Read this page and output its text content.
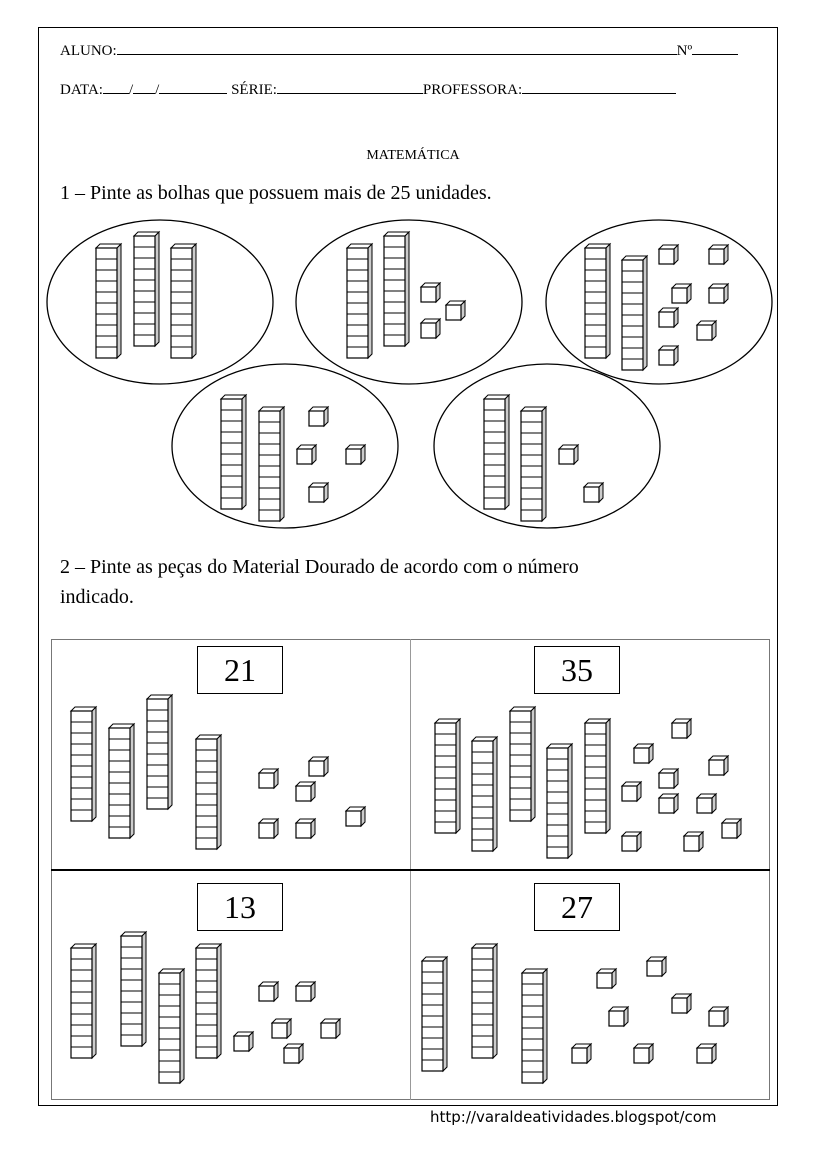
ALUNO:	Nº
DATA: / /	SÉRIE:	PROFESSORA:
MATEMÁTICA
1 – Pinte as bolhas que possuem mais de 25 unidades.
2 – Pinte as peças do Material Dourado de acordo com o número
indicado.
21	35
13	27
http://varaldeatividades.blogspot/com
